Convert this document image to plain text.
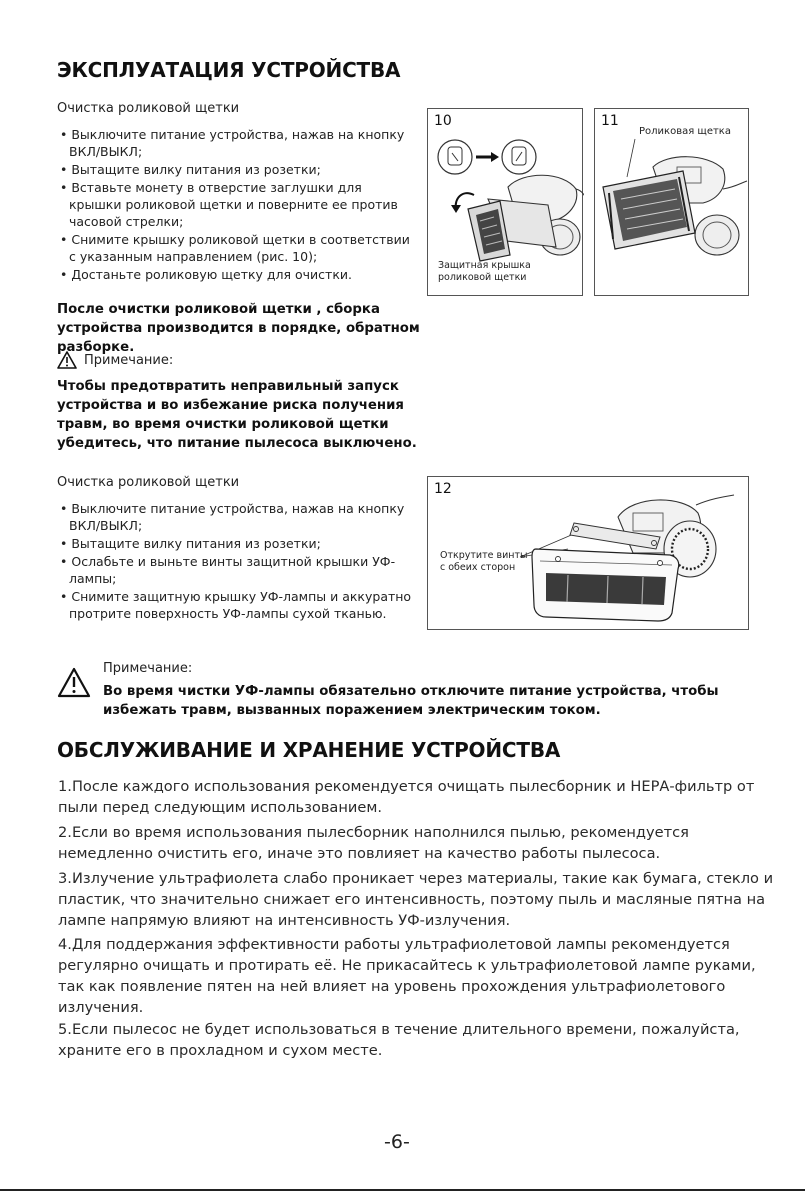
ЭКСПЛУАТАЦИЯ УСТРОЙСТВА
Очистка роликовой щетки

• Выключите питание устройства, нажав на кнопку ВКЛ/ВЫКЛ;

• Вытащите вилку питания из розетки;

• Вставьте монету в отверстие заглушки для крышки роликовой щетки и поверните ее против часовой стрелки;

• Снимите крышку роликовой щетки в соответствии с указанным направлением (рис. 10);

• Достаньте роликовую щетку для очистки.

После очистки роликовой щетки , сборка устройства производится в порядке, обратном разборке.
Примечание:
Чтобы предотвратить неправильный запуск устройства и во избежание риска получения травм, во время очистки роликовой щетки убедитесь, что питание пылесоса выключено.
10
Защитная крышка роликовой щетки
11
Роликовая щетка
Очистка роликовой щетки

• Выключите питание устройства, нажав на кнопку ВКЛ/ВЫКЛ;

• Вытащите вилку питания из розетки;

• Ослабьте и выньте винты защитной крышки УФ-лампы;

• Снимите защитную крышку УФ-лампы и аккуратно протрите поверхность УФ-лампы сухой тканью.

12
Открутите винты с обеих сторон
Примечание:
Во время чистки УФ-лампы обязательно отключите питание устройства, чтобы избежать травм, вызванных поражением электрическим током.
ОБСЛУЖИВАНИЕ И ХРАНЕНИЕ УСТРОЙСТВА
1.После каждого использования рекомендуется очищать пылесборник и НЕРА-фильтр от пыли перед следующим использованием.
2.Если во время использования пылесборник наполнился пылью, рекомендуется немедленно очистить его, иначе это повлияет на качество работы пылесоса.
3.Излучение ультрафиолета слабо проникает через материалы, такие как бумага, стекло и пластик, что значительно снижает его интенсивность, поэтому пыль и масляные пятна на лампе напрямую влияют на интенсивность УФ-излучения.
4.Для поддержания эффективности работы ультрафиолетовой лампы рекомендуется регулярно очищать и протирать её. Не прикасайтесь к ультрафиолетовой лампе руками, так как появление пятен на ней влияет на уровень прохождения ультрафиолетового излучения.
5.Если пылесос не будет использоваться в течение длительного времени, пожалуйста, храните его в прохладном и сухом месте.
-6-
